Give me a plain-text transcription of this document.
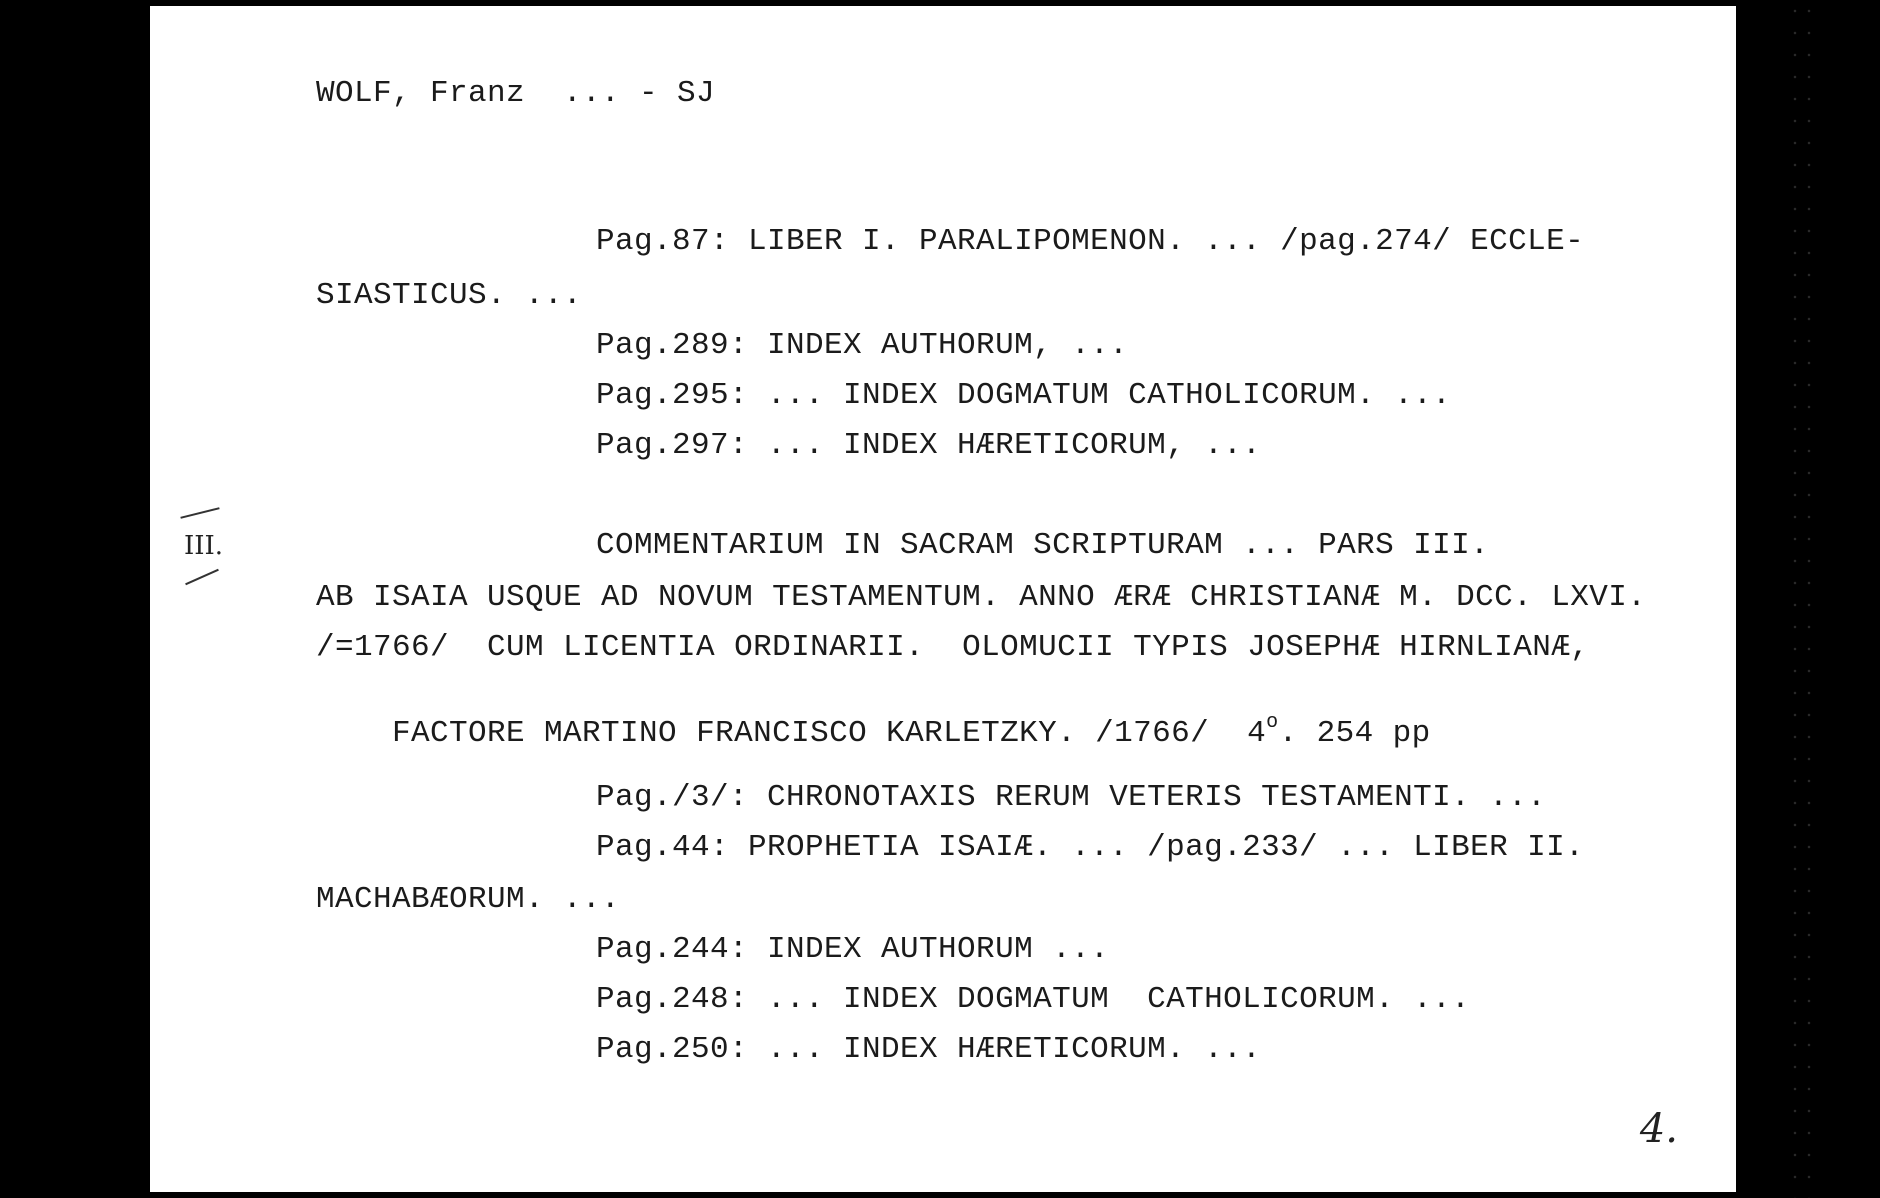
WOLF, Franz  ... - SJ
Pag.87: LIBER I. PARALIPOMENON. ... /pag.274/ ECCLE-
SIASTICUS. ...
Pag.289: INDEX AUTHORUM, ...
Pag.295: ... INDEX DOGMATUM CATHOLICORUM. ...
Pag.297: ... INDEX HÆRETICORUM, ...
III.	COMMENTARIUM IN SACRAM SCRIPTURAM ... PARS III.
AB ISAIA USQUE AD NOVUM TESTAMENTUM. ANNO ÆRÆ CHRISTIANÆ M. DCC. LXVI.
/=1766/  CUM LICENTIA ORDINARII.  OLOMUCII TYPIS JOSEPHÆ HIRNLIANÆ,

FACTORE MARTINO FRANCISCO KARLETZKY. /1766/  4$^o$. 254 pp

Pag./3/: CHRONOTAXIS RERUM VETERIS TESTAMENTI. ...
Pag.44: PROPHETIA ISAIÆ. ... /pag.233/ ... LIBER II.
MACHABÆORUM. ...
Pag.244: INDEX AUTHORUM ...
Pag.248: ... INDEX DOGMATUM  CATHOLICORUM. ...
Pag.250: ... INDEX HÆRETICORUM. ...
4.
